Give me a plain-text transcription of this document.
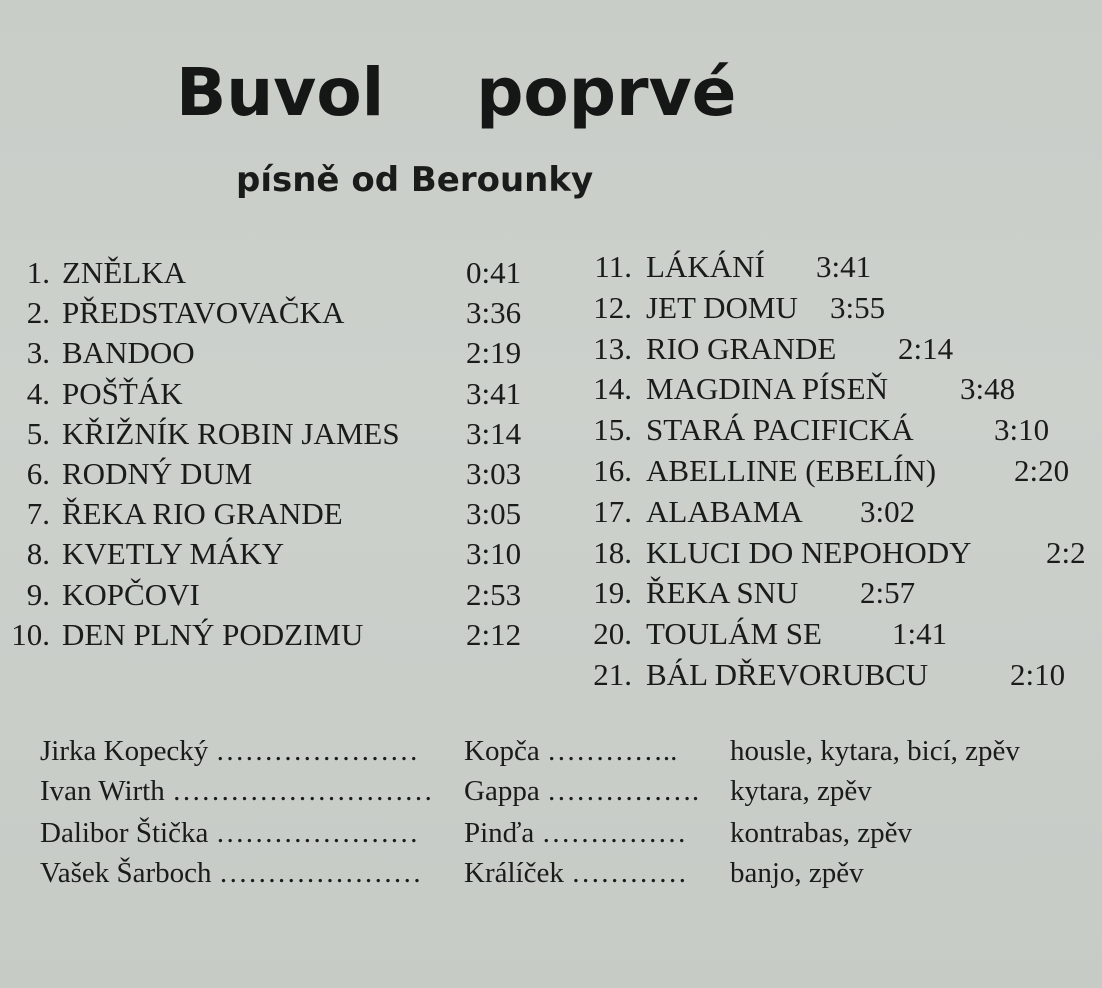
Buvol    poprvé
písně od Berounky
1. ZNĚLKA	0:41
2. PŘEDSTAVOVAČKA	3:36
3. BANDOO	2:19
4. POŠŤÁK	3:41
5. KŘIŽNÍK ROBIN JAMES 3:14
6. RODNÝ DUM	3:03
7. ŘEKA RIO GRANDE	3:05
8. KVETLY MÁKY	3:10
9. KOPČOVI	2:53
10. DEN PLNÝ PODZIMU	2:12
11. LÁKÁNÍ 3:41
12. JET DOMU 3:55
13. RIO GRANDE 2:14
14. MAGDINA PÍSEŇ 3:48
15. STARÁ PACIFICKÁ	3:10
16. ABELLINE (EBELÍN)	2:20
17. ALABAMA 3:02
18. KLUCI DO NEPOHODY 2:2
19. ŘEKA SNU 2:57
20. TOULÁM SE 1:41
21. BÁL DŘEVORUBCU	2:10
Jirka Kopecký ………………… Kopča ………….. housle, kytara, bicí, zpěv
Ivan Wirth ……………………… Gappa ……………. kytara, zpěv
Dalibor Štička ………………… Pinďa …………… kontrabas, zpěv
Vašek Šarboch ………………… Králíček ………… banjo, zpěv
